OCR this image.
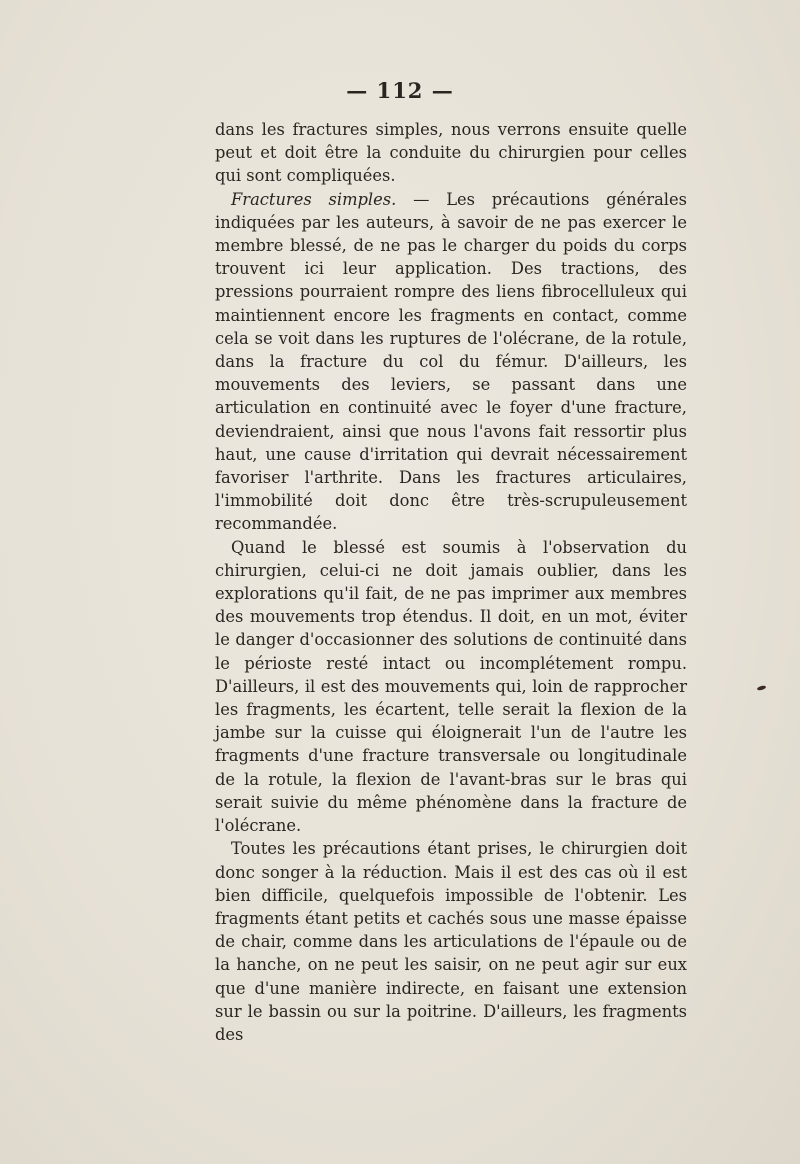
— 112 —

dans les fractures simples, nous verrons ensuite quelle peut et doit être la conduite du chirurgien pour celles qui sont compliquées.

Fractures simples. — Les précautions générales indiquées par les auteurs, à savoir de ne pas exercer le membre blessé, de ne pas le charger du poids du corps trouvent ici leur application. Des tractions, des pressions pourraient rompre des liens fibrocelluleux qui maintiennent encore les fragments en contact, comme cela se voit dans les ruptures de l'olécrane, de la rotule, dans la fracture du col du fémur. D'ailleurs, les mouvements des leviers, se passant dans une articulation en continuité avec le foyer d'une fracture, deviendraient, ainsi que nous l'avons fait ressortir plus haut, une cause d'irritation qui devrait nécessairement favoriser l'arthrite. Dans les fractures articulaires, l'immobilité doit donc être très-scrupuleusement recommandée.

Quand le blessé est soumis à l'observation du chirurgien, celui-ci ne doit jamais oublier, dans les explorations qu'il fait, de ne pas imprimer aux membres des mouvements trop étendus. Il doit, en un mot, éviter le danger d'occasionner des solutions de continuité dans le périoste resté intact ou incomplétement rompu. D'ailleurs, il est des mouvements qui, loin de rapprocher les fragments, les écartent, telle serait la flexion de la jambe sur la cuisse qui éloignerait l'un de l'autre les fragments d'une fracture transversale ou longitudinale de la rotule, la flexion de l'avant-bras sur le bras qui serait suivie du même phénomène dans la fracture de l'olécrane.

Toutes les précautions étant prises, le chirurgien doit donc songer à la réduction. Mais il est des cas où il est bien difficile, quelquefois impossible de l'obtenir. Les fragments étant petits et cachés sous une masse épaisse de chair, comme dans les articulations de l'épaule ou de la hanche, on ne peut les saisir, on ne peut agir sur eux que d'une manière indirecte, en faisant une extension sur le bassin ou sur la poitrine. D'ailleurs, les fragments des
